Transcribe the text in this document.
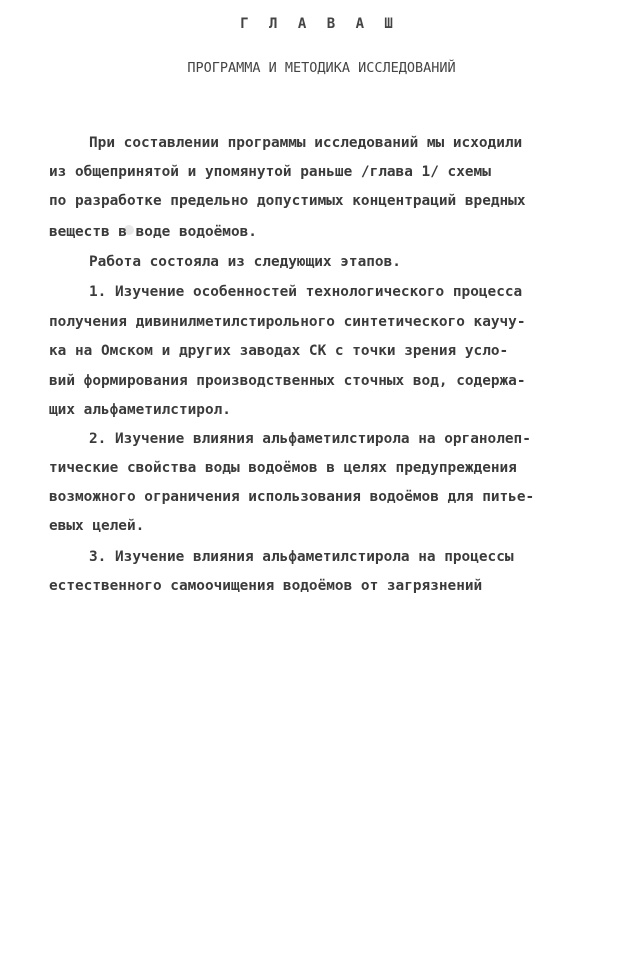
Г Л А В А Ш
ПРОГРАММА И МЕТОДИКА ИССЛЕДОВАНИЙ
При составлении программы исследований мы исходили
из общепринятой и упомянутой раньше /глава 1/ схемы
по разработке предельно допустимых концентраций вредных
веществ в воде водоёмов.
Работа состояла из следующих этапов.
1. Изучение особенностей технологического процесса
получения дивинилметилстирольного синтетического каучу-
ка на Омском и других заводах СК с точки зрения усло-
вий формирования производственных сточных вод, содержа-
щих альфаметилстирол.
2. Изучение влияния альфаметилстирола на органолеп-
тические свойства воды водоёмов в целях предупреждения
возможного ограничения использования водоёмов для питье-
евых целей.
3. Изучение влияния альфаметилстирола на процессы
естественного самоочищения водоёмов от загрязнений
